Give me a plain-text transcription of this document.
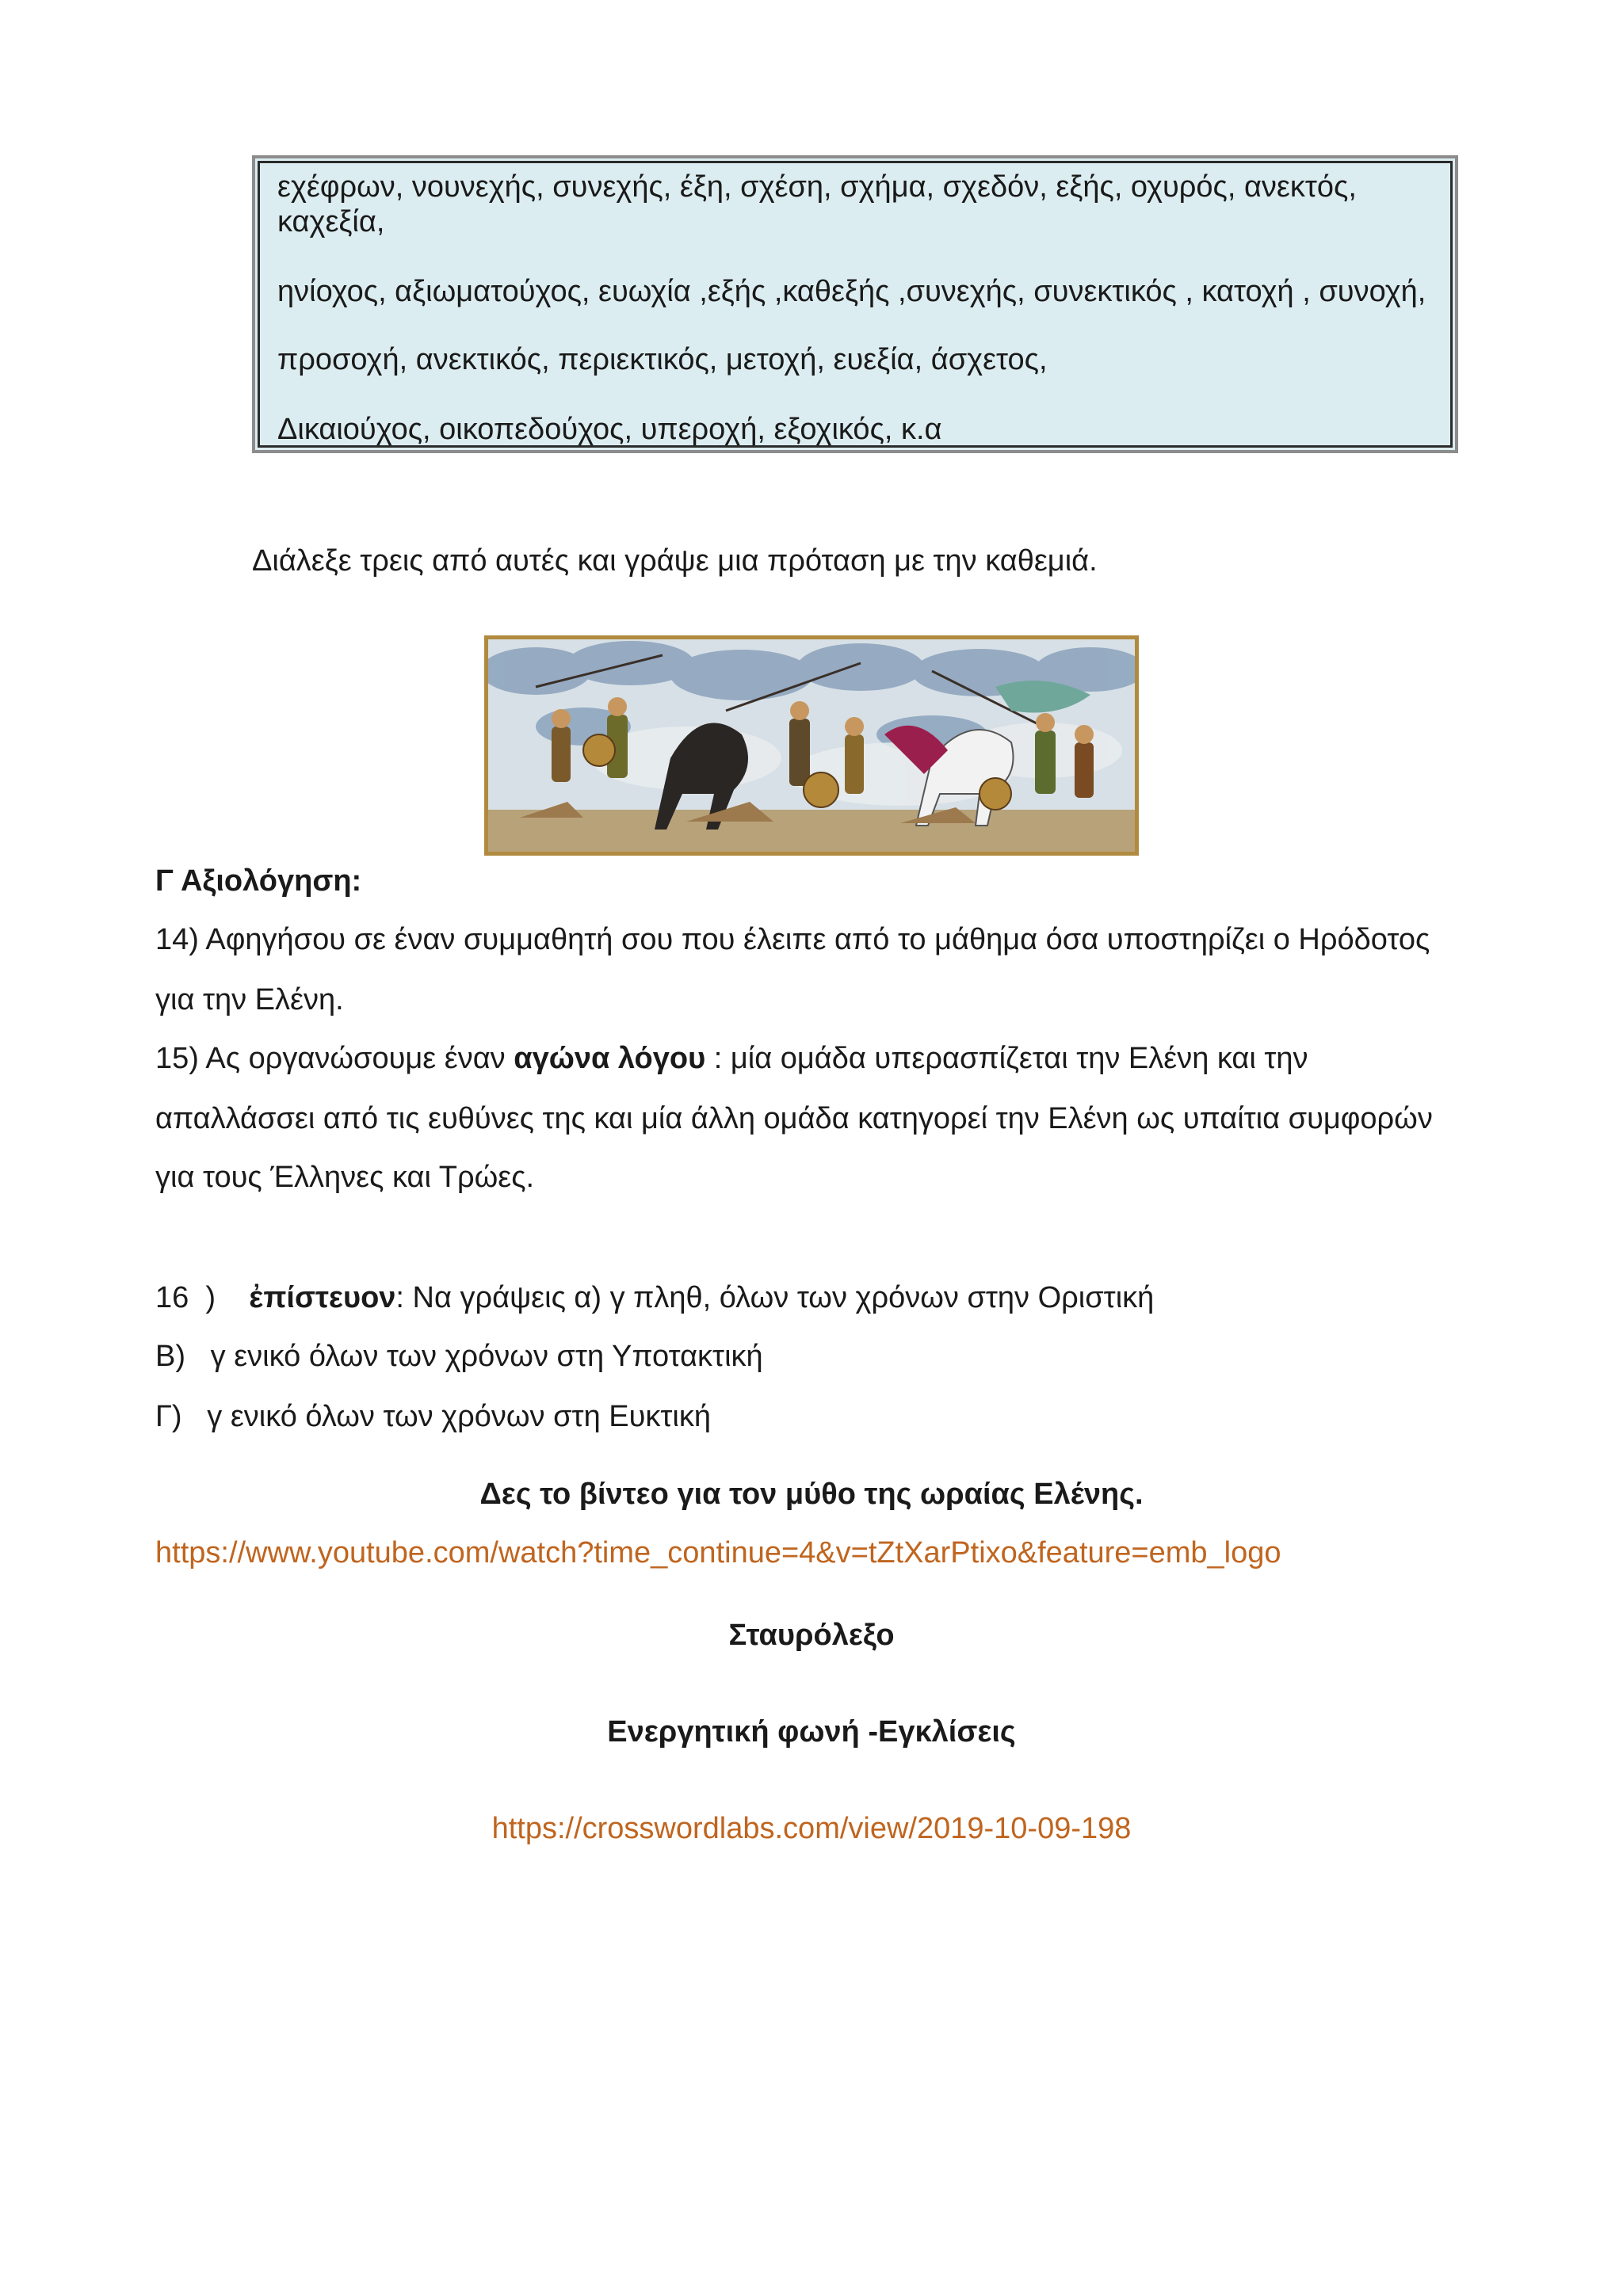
εχέφρων, νουνεχής, συνεχής, έξη, σχέση, σχήμα, σχεδόν, εξής, οχυρός, ανεκτός,
καχεξία,
ηνίοχος, αξιωματούχος, ευωχία ,εξής ,καθεξής ,συνεχής, συνεκτικός , κατοχή , συνοχή,
προσοχή, ανεκτικός, περιεκτικός, μετοχή, ευεξία, άσχετος,
Δικαιούχος, οικοπεδούχος, υπεροχή, εξοχικός, κ.α
Διάλεξε τρεις από αυτές και γράψε μια πρόταση με την καθεμιά.
Γ Αξιολόγηση:
14) Αφηγήσου σε έναν συμμαθητή σου που έλειπε από το μάθημα όσα υποστηρίζει ο Ηρόδοτος
για την Ελένη.
15) Ας οργανώσουμε έναν αγώνα λόγου : μία ομάδα υπερασπίζεται την Ελένη και την
απαλλάσσει από τις ευθύνες της και μία άλλη ομάδα κατηγορεί την Ελένη ως υπαίτια συμφορών
για τους Έλληνες και Τρώες.
16  )    ἐπίστευον: Να γράψεις α) γ πληθ, όλων των χρόνων στην Οριστική
Β)   γ ενικό όλων των χρόνων στη Υποτακτική
Γ)   γ ενικό όλων των χρόνων στη Ευκτική
Δες το βίντεο για τον μύθο της ωραίας Ελένης.
https://www.youtube.com/watch?time_continue=4&v=tZtXarPtixo&feature=emb_logo
Σταυρόλεξο
Ενεργητική φωνή -Εγκλίσεις
https://crosswordlabs.com/view/2019-10-09-198
